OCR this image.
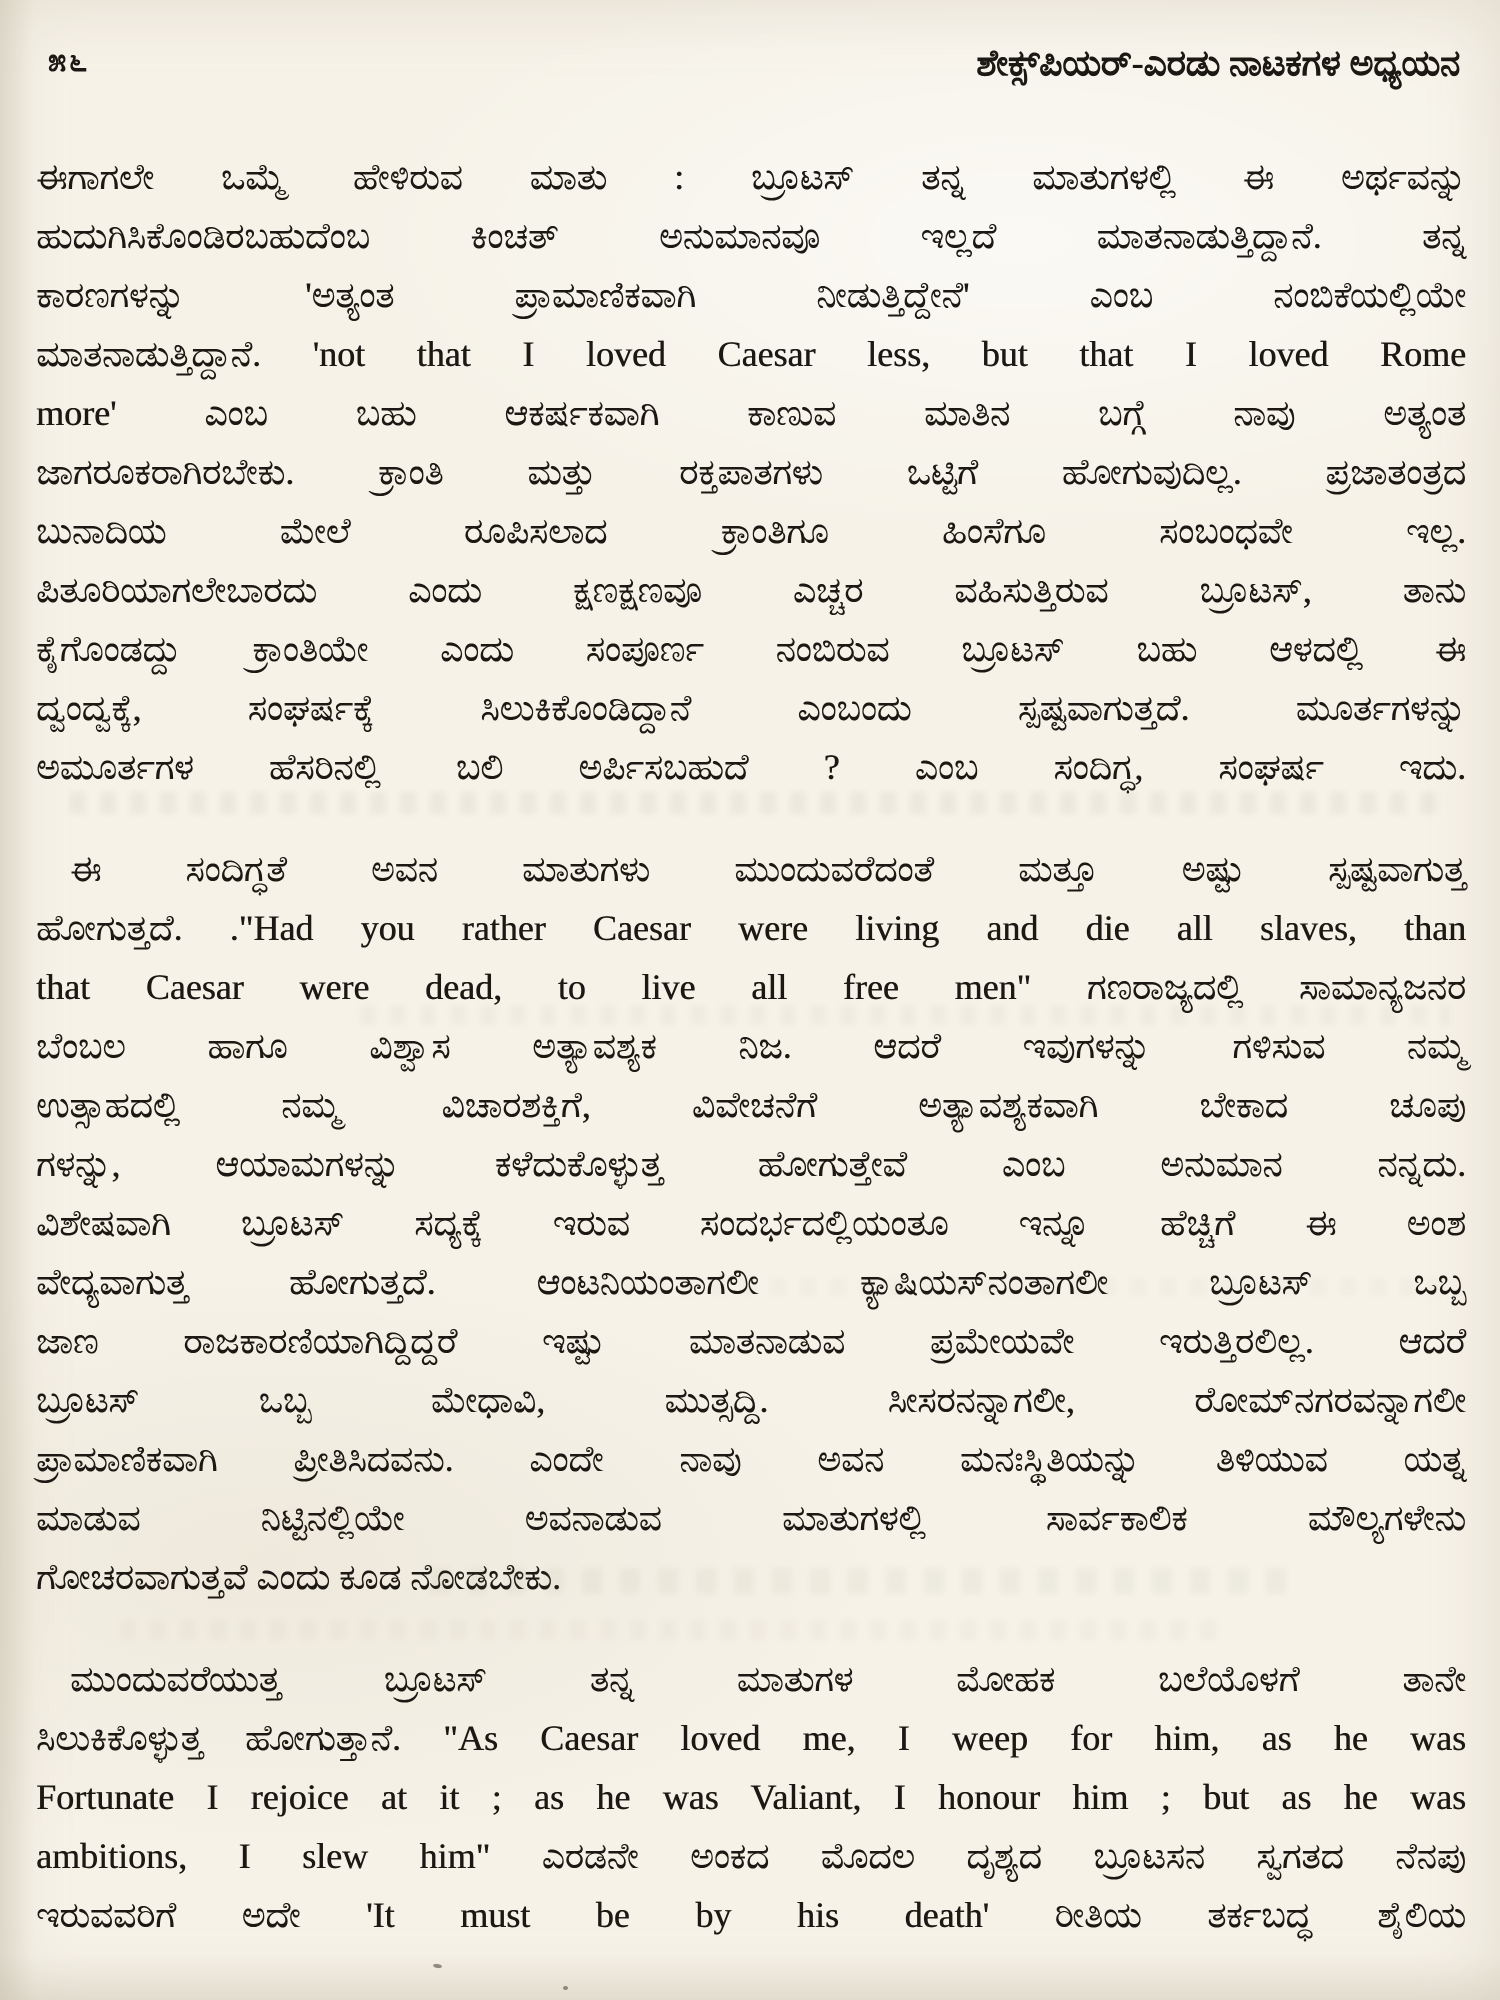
೫೬	ಶೇಕ್ಸ್‌ಪಿಯರ್-ಎರಡು ನಾಟಕಗಳ ಅಧ್ಯಯನ
ಈಗಾಗಲೇ ಒಮ್ಮೆ ಹೇಳಿರುವ ಮಾತು : ಬ್ರೂಟಸ್ ತನ್ನ ಮಾತುಗಳಲ್ಲಿ ಈ ಅರ್ಥವನ್ನು
ಹುದುಗಿಸಿಕೊಂಡಿರಬಹುದೆಂಬ ಕಿಂಚತ್ ಅನುಮಾನವೂ ಇಲ್ಲದೆ ಮಾತನಾಡುತ್ತಿದ್ದಾನೆ. ತನ್ನ
ಕಾರಣಗಳನ್ನು 'ಅತ್ಯಂತ ಪ್ರಾಮಾಣಿಕವಾಗಿ ನೀಡುತ್ತಿದ್ದೇನೆ' ಎಂಬ ನಂಬಿಕೆಯಲ್ಲಿಯೇ
ಮಾತನಾಡುತ್ತಿದ್ದಾನೆ. 'not that I loved Caesar less, but that I loved Rome
more' ಎಂಬ ಬಹು ಆಕರ್ಷಕವಾಗಿ ಕಾಣುವ ಮಾತಿನ ಬಗ್ಗೆ ನಾವು ಅತ್ಯಂತ
ಜಾಗರೂಕರಾಗಿರಬೇಕು. ಕ್ರಾಂತಿ ಮತ್ತು ರಕ್ತಪಾತಗಳು ಒಟ್ಟಿಗೆ ಹೋಗುವುದಿಲ್ಲ. ಪ್ರಜಾತಂತ್ರದ
ಬುನಾದಿಯ ಮೇಲೆ ರೂಪಿಸಲಾದ ಕ್ರಾಂತಿಗೂ ಹಿಂಸೆಗೂ ಸಂಬಂಧವೇ ಇಲ್ಲ.
ಪಿತೂರಿಯಾಗಲೇಬಾರದು ಎಂದು ಕ್ಷಣಕ್ಷಣವೂ ಎಚ್ಚರ ವಹಿಸುತ್ತಿರುವ ಬ್ರೂಟಸ್, ತಾನು
ಕೈಗೊಂಡದ್ದು ಕ್ರಾಂತಿಯೇ ಎಂದು ಸಂಪೂರ್ಣ ನಂಬಿರುವ ಬ್ರೂಟಸ್ ಬಹು ಆಳದಲ್ಲಿ ಈ
ದ್ವಂದ್ವಕ್ಕೆ, ಸಂಘರ್ಷಕ್ಕೆ ಸಿಲುಕಿಕೊಂಡಿದ್ದಾನೆ ಎಂಬಂದು ಸ್ಪಷ್ಟವಾಗುತ್ತದೆ. ಮೂರ್ತಗಳನ್ನು
ಅಮೂರ್ತಗಳ ಹೆಸರಿನಲ್ಲಿ ಬಲಿ ಅರ್ಪಿಸಬಹುದೆ ? ಎಂಬ ಸಂದಿಗ್ಧ, ಸಂಘರ್ಷ ಇದು.
ಈ ಸಂದಿಗ್ಧತೆ ಅವನ ಮಾತುಗಳು ಮುಂದುವರೆದಂತೆ ಮತ್ತೂ ಅಷ್ಟು ಸ್ಪಷ್ಟವಾಗುತ್ತ
ಹೋಗುತ್ತದೆ. ."Had you rather Caesar were living and die all slaves, than
that Caesar were dead, to live all free men" ಗಣರಾಜ್ಯದಲ್ಲಿ ಸಾಮಾನ್ಯಜನರ
ಬೆಂಬಲ ಹಾಗೂ ವಿಶ್ವಾಸ ಅತ್ಯಾವಶ್ಯಕ ನಿಜ. ಆದರೆ ಇವುಗಳನ್ನು ಗಳಿಸುವ ನಮ್ಮ
ಉತ್ಸಾಹದಲ್ಲಿ ನಮ್ಮ ವಿಚಾರಶಕ್ತಿಗೆ, ವಿವೇಚನೆಗೆ ಅತ್ಯಾವಶ್ಯಕವಾಗಿ ಬೇಕಾದ ಚೂಪು
ಗಳನ್ನು, ಆಯಾಮಗಳನ್ನು ಕಳೆದುಕೊಳ್ಳುತ್ತ ಹೋಗುತ್ತೇವೆ ಎಂಬ ಅನುಮಾನ ನನ್ನದು.
ವಿಶೇಷವಾಗಿ ಬ್ರೂಟಸ್ ಸದ್ಯಕ್ಕೆ ಇರುವ ಸಂದರ್ಭದಲ್ಲಿಯಂತೂ ಇನ್ನೂ ಹೆಚ್ಚಿಗೆ ಈ ಅಂಶ
ವೇದ್ಯವಾಗುತ್ತ ಹೋಗುತ್ತದೆ. ಆಂಟನಿಯಂತಾಗಲೀ ಕ್ಯಾಷಿಯಸ್‌ನಂತಾಗಲೀ ಬ್ರೂಟಸ್ ಒಬ್ಬ
ಜಾಣ ರಾಜಕಾರಣಿಯಾಗಿದ್ದಿದ್ದರೆ ಇಷ್ಟು ಮಾತನಾಡುವ ಪ್ರಮೇಯವೇ ಇರುತ್ತಿರಲಿಲ್ಲ. ಆದರೆ
ಬ್ರೂಟಸ್ ಒಬ್ಬ ಮೇಧಾವಿ, ಮುತ್ಸದ್ದಿ. ಸೀಸರನನ್ನಾಗಲೀ, ರೋಮ್‌ನಗರವನ್ನಾಗಲೀ
ಪ್ರಾಮಾಣಿಕವಾಗಿ ಪ್ರೀತಿಸಿದವನು. ಎಂದೇ ನಾವು ಅವನ ಮನಃಸ್ಥಿತಿಯನ್ನು ತಿಳಿಯುವ ಯತ್ನ
ಮಾಡುವ ನಿಟ್ಟಿನಲ್ಲಿಯೇ ಅವನಾಡುವ ಮಾತುಗಳಲ್ಲಿ ಸಾರ್ವಕಾಲಿಕ ಮೌಲ್ಯಗಳೇನು
ಗೋಚರವಾಗುತ್ತವೆ ಎಂದು ಕೂಡ ನೋಡಬೇಕು.
ಮುಂದುವರೆಯುತ್ತ ಬ್ರೂಟಸ್ ತನ್ನ ಮಾತುಗಳ ಮೋಹಕ ಬಲೆಯೊಳಗೆ ತಾನೇ
ಸಿಲುಕಿಕೊಳ್ಳುತ್ತ ಹೋಗುತ್ತಾನೆ. "As Caesar loved me, I weep for him, as he was
Fortunate I rejoice at it ; as he was Valiant, I honour him ; but as he was
ambitions, I slew him" ಎರಡನೇ ಅಂಕದ ಮೊದಲ ದೃಶ್ಯದ ಬ್ರೂಟಸನ ಸ್ವಗತದ ನೆನಪು
ಇರುವವರಿಗೆ ಅದೇ 'It must be by his death' ರೀತಿಯ ತರ್ಕಬದ್ಧ ಶೈಲಿಯ
